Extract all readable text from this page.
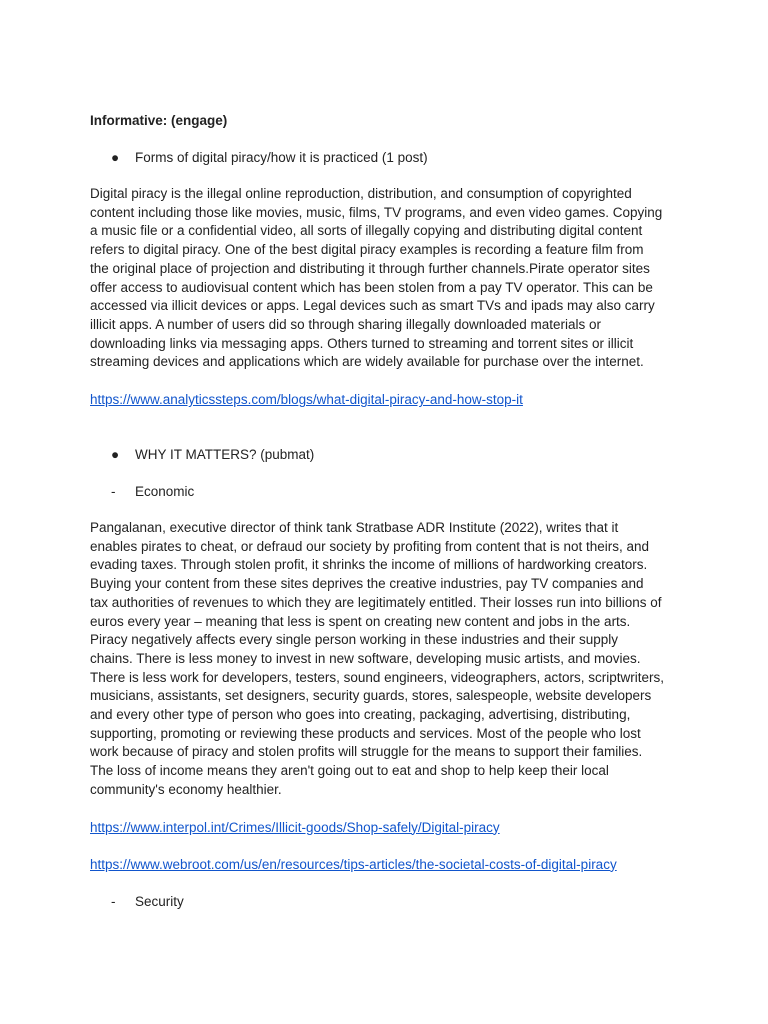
Informative: (engage)
●	Forms of digital piracy/how it is practiced (1 post)
Digital piracy is the illegal online reproduction, distribution, and consumption of copyrighted
content including those like movies, music, films, TV programs, and even video games. Copying
a music file or a confidential video, all sorts of illegally copying and distributing digital content
refers to digital piracy. One of the best digital piracy examples is recording a feature film from
the original place of projection and distributing it through further channels.Pirate operator sites
offer access to audiovisual content which has been stolen from a pay TV operator. This can be
accessed via illicit devices or apps. Legal devices such as smart TVs and ipads may also carry
illicit apps. A number of users did so through sharing illegally downloaded materials or
downloading links via messaging apps. Others turned to streaming and torrent sites or illicit
streaming devices and applications which are widely available for purchase over the internet.
https://www.analyticssteps.com/blogs/what-digital-piracy-and-how-stop-it
●	WHY IT MATTERS? (pubmat)
-	Economic
Pangalanan, executive director of think tank Stratbase ADR Institute (2022), writes that it
enables pirates to cheat, or defraud our society by profiting from content that is not theirs, and
evading taxes. Through stolen profit, it shrinks the income of millions of hardworking creators.
Buying your content from these sites deprives the creative industries, pay TV companies and
tax authorities of revenues to which they are legitimately entitled. Their losses run into billions of
euros every year – meaning that less is spent on creating new content and jobs in the arts.
Piracy negatively affects every single person working in these industries and their supply
chains. There is less money to invest in new software, developing music artists, and movies.
There is less work for developers, testers, sound engineers, videographers, actors, scriptwriters,
musicians, assistants, set designers, security guards, stores, salespeople, website developers
and every other type of person who goes into creating, packaging, advertising, distributing,
supporting, promoting or reviewing these products and services. Most of the people who lost
work because of piracy and stolen profits will struggle for the means to support their families.
The loss of income means they aren't going out to eat and shop to help keep their local
community's economy healthier.
https://www.interpol.int/Crimes/Illicit-goods/Shop-safely/Digital-piracy
https://www.webroot.com/us/en/resources/tips-articles/the-societal-costs-of-digital-piracy
-	Security
